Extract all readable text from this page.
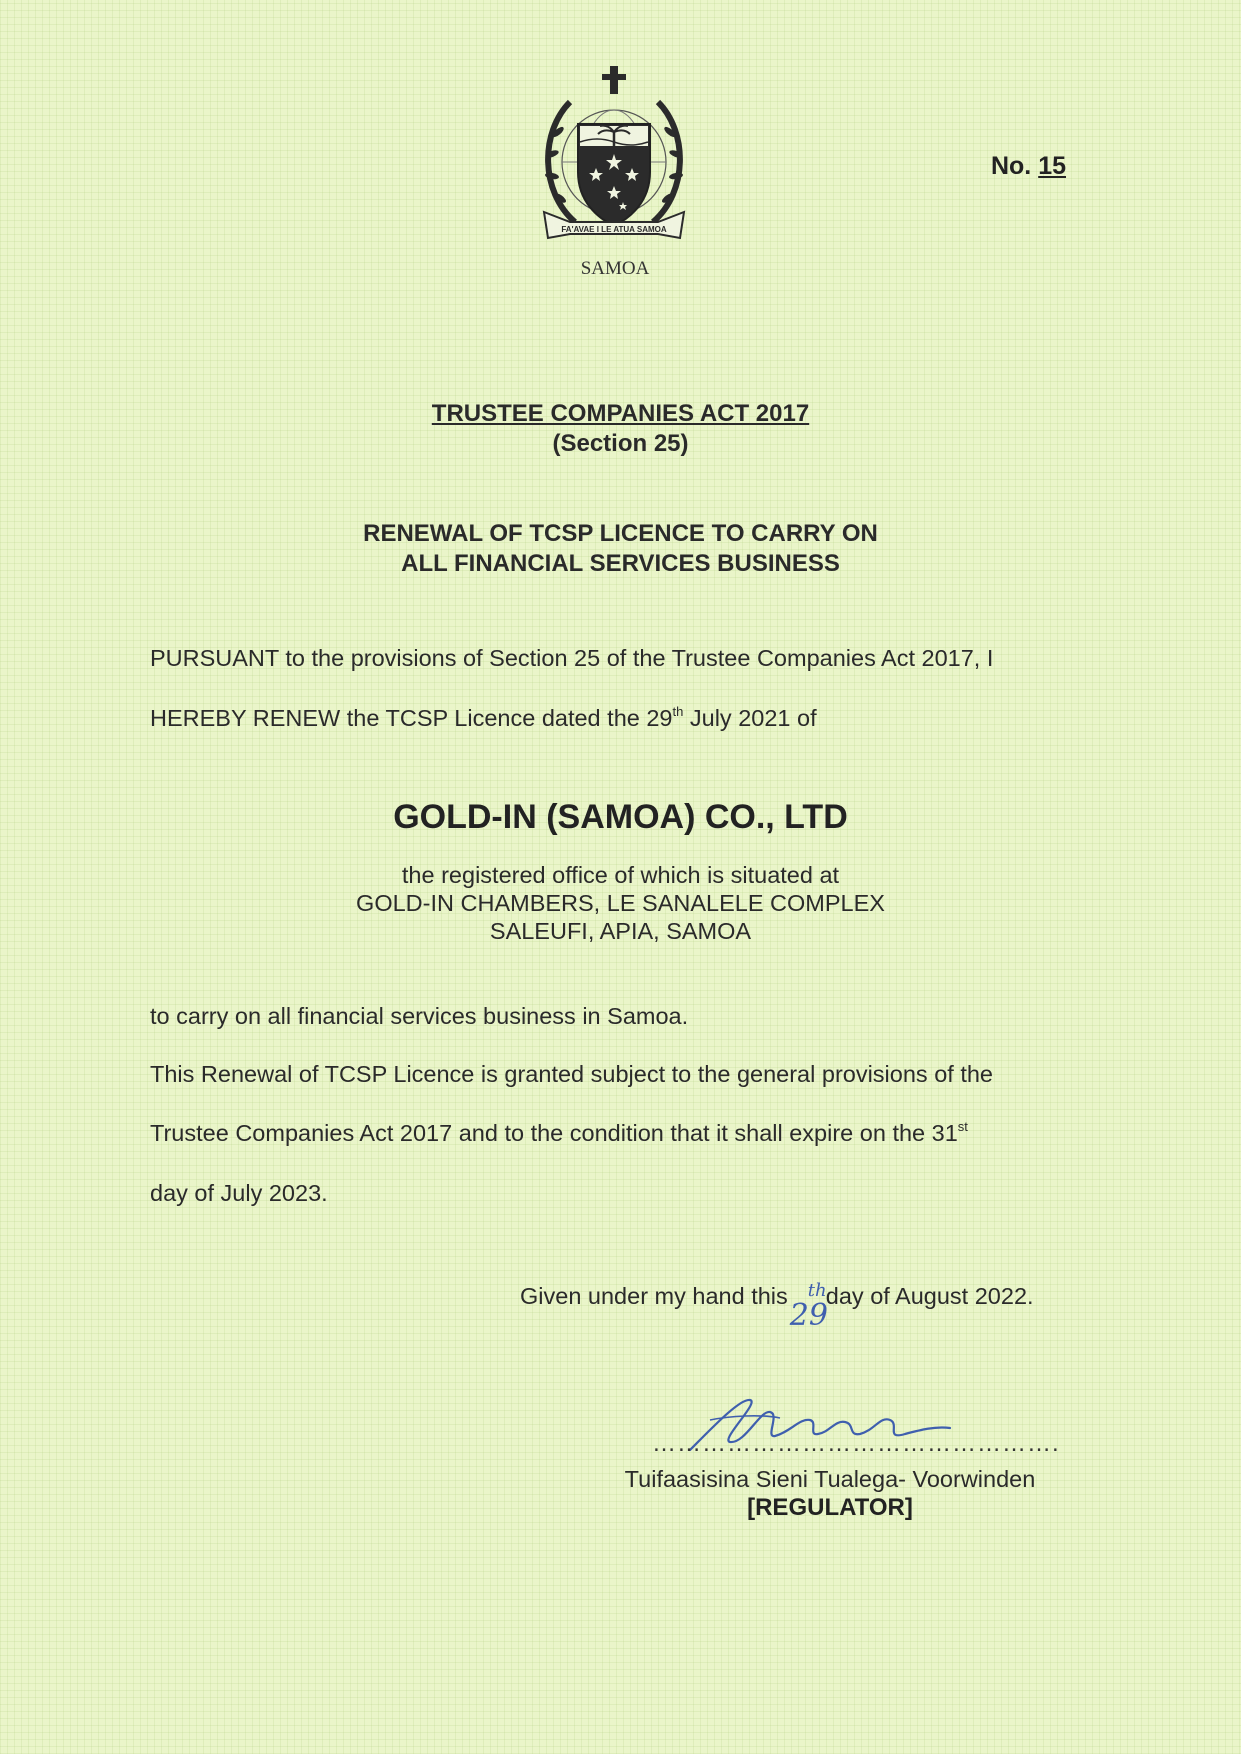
FA'AVAE I LE ATUA SAMOA
SAMOA
No. 15
TRUSTEE COMPANIES ACT 2017
(Section 25)
RENEWAL OF TCSP LICENCE TO CARRY ON
ALL FINANCIAL SERVICES BUSINESS
PURSUANT to the provisions of Section 25 of the Trustee Companies Act 2017, I
HEREBY RENEW the TCSP Licence dated the 29th July 2021 of
GOLD-IN (SAMOA) CO., LTD
the registered office of which is situated at
GOLD-IN CHAMBERS, LE SANALELE COMPLEX
SALEUFI, APIA, SAMOA
to carry on all financial services business in Samoa.
This Renewal of TCSP Licence is granted subject to the general provisions of the
Trustee Companies Act 2017 and to the condition that it shall expire on the 31st
day of July 2023.
Given under my hand this
29
th day of August 2022.
………………………………………….
Tuifaasisina Sieni Tualega- Voorwinden
[REGULATOR]
